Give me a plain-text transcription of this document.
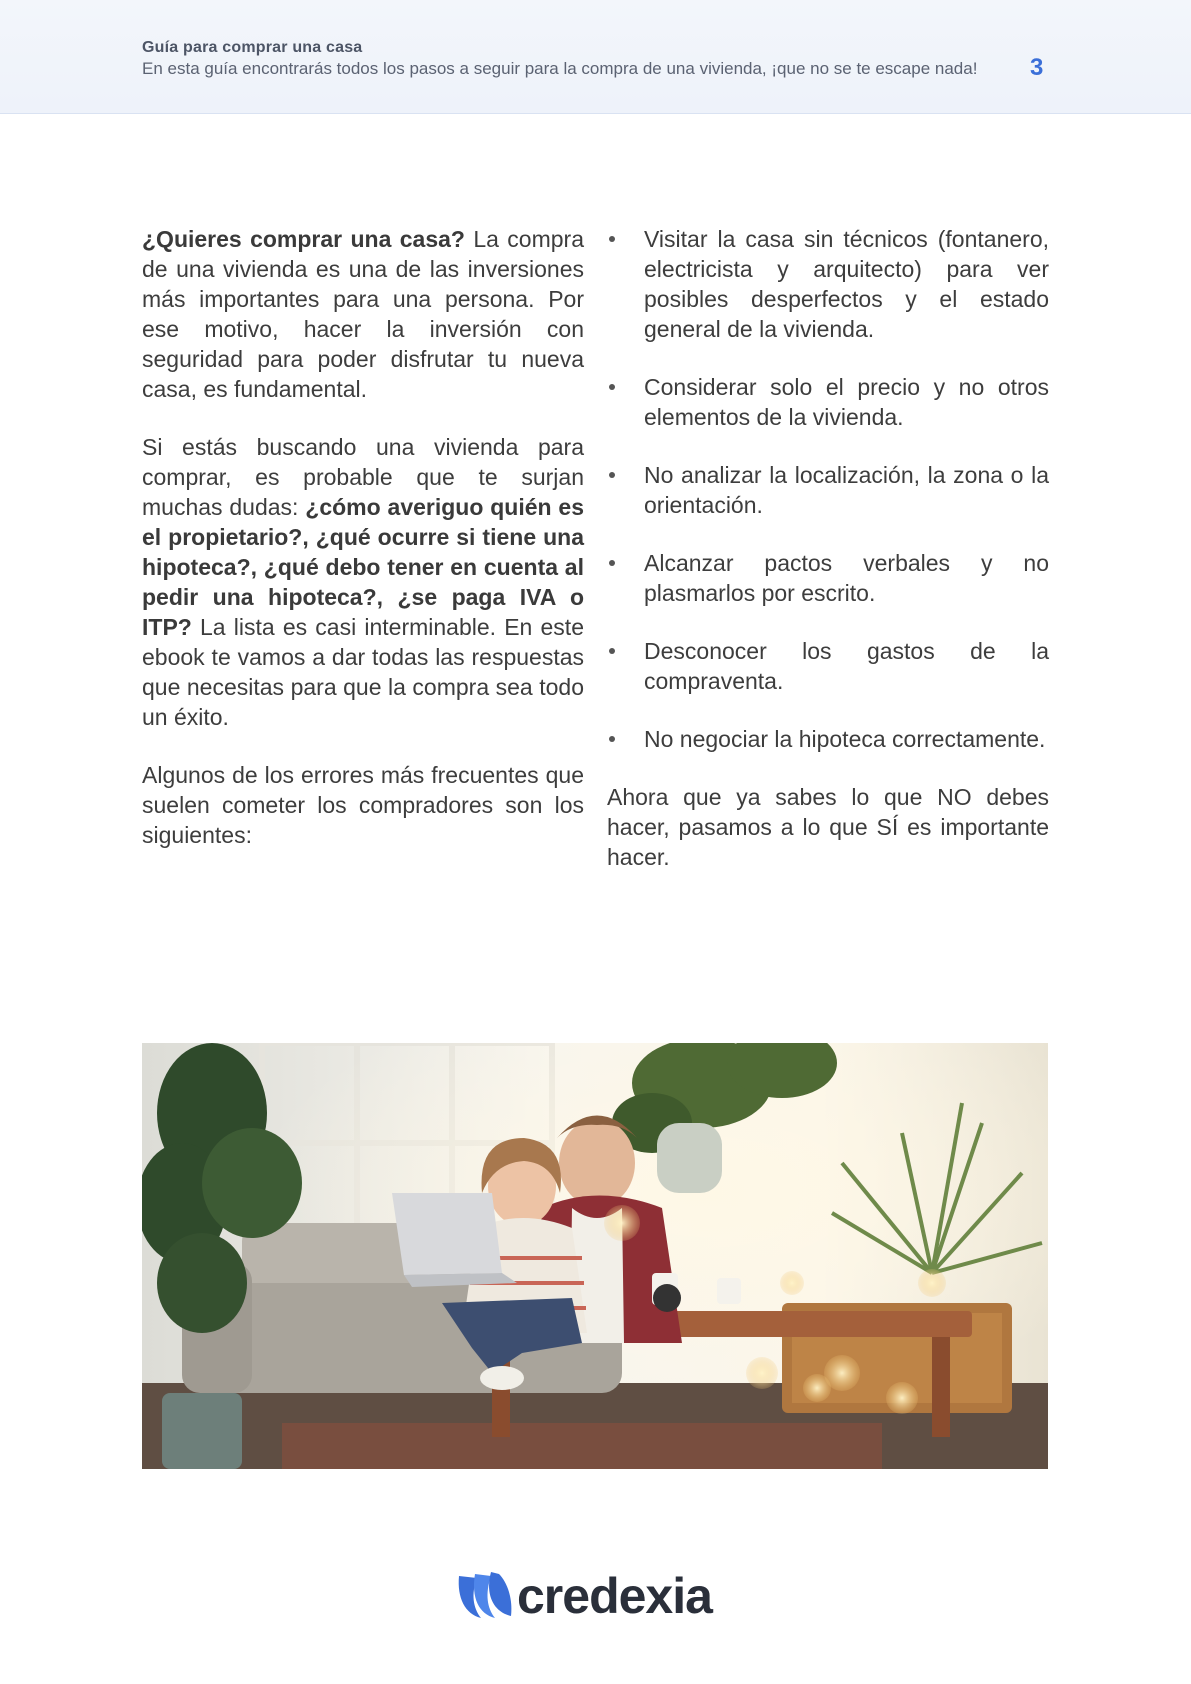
Guía para comprar una casa
En esta guía encontrarás todos los pasos a seguir para la compra de una vivienda, ¡que no se te escape nada!	3

¿Quieres comprar una casa? La compra de una vivienda es una de las inversiones más importantes para una persona. Por ese motivo, hacer la inversión con seguridad para poder disfrutar tu nueva casa, es fundamental.

Si estás buscando una vivienda para comprar, es probable que te surjan muchas dudas: ¿cómo averiguo quién es el propietario?, ¿qué ocurre si tiene una hipoteca?, ¿qué debo tener en cuenta al pedir una hipoteca?, ¿se paga IVA o ITP? La lista es casi interminable. En este ebook te vamos a dar todas las respuestas que necesitas para que la compra sea todo un éxito.

Algunos de los errores más frecuentes que suelen cometer los compradores son los siguientes:

Visitar la casa sin técnicos (fontanero, electricista y arquitecto) para ver posibles desperfectos y el estado general de la vivienda.
Considerar solo el precio y no otros elementos de la vivienda.
No analizar la localización, la zona o la orientación.
Alcanzar pactos verbales y no plasmarlos por escrito.
Desconocer los gastos de la compraventa.
No negociar la hipoteca correctamente.

Ahora que ya sabes lo que NO debes hacer, pasamos a lo que SÍ es importante hacer.

credexia
